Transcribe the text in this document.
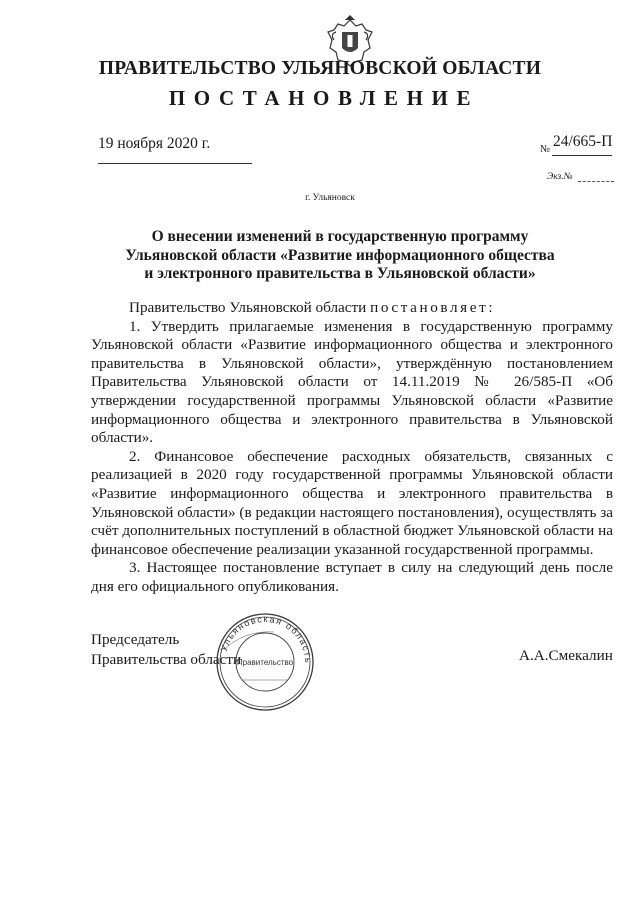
ПРАВИТЕЛЬСТВО УЛЬЯНОВСКОЙ ОБЛАСТИ
ПОСТАНОВЛЕНИЕ
19 ноября 2020 г.	№ 24/665-П
Экз.№
г. Ульяновск
О внесении изменений в государственную программу
Ульяновской области «Развитие информационного общества
и электронного правительства в Ульяновской области»

Правительство Ульяновской области постановляет:

1. Утвердить прилагаемые изменения в государственную программу Ульяновской области «Развитие информационного общества и электронного правительства в Ульяновской области», утверждённую постановлением Правительства Ульяновской области от 14.11.2019 № 26/585-П «Об утверждении государственной программы Ульяновской области «Развитие информационного общества и электронного правительства в Ульяновской области».

2. Финансовое обеспечение расходных обязательств, связанных с реализацией в 2020 году государственной программы Ульяновской области «Развитие информационного общества и электронного правительства в Ульяновской области» (в редакции настоящего постановления), осуществлять за счёт дополнительных поступлений в областной бюджет Ульяновской области на финансовое обеспечение реализации указанной государственной программы.

3. Настоящее постановление вступает в силу на следующий день после дня его официального опубликования.

Председатель
Правительства области	А.А.Смекалин
Ульяновская область
Правительство
